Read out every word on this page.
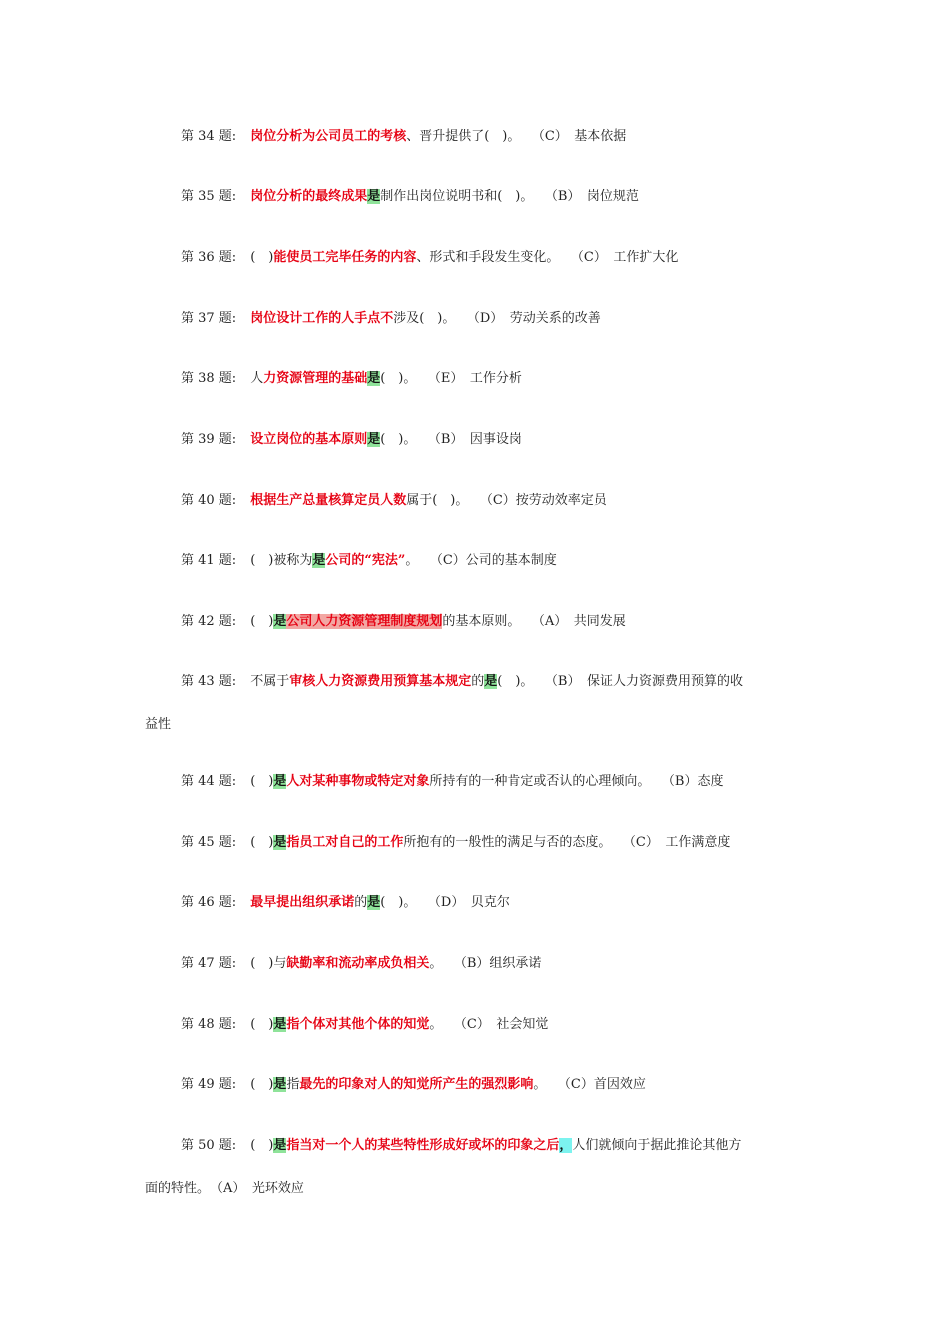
第 34 题: 岗位分析为公司员工的考核、晋升提供了(　)。 （C）　基本依据
第 35 题: 岗位分析的最终成果是制作出岗位说明书和(　)。 （B）　岗位规范
第 36 题: (　)能使员工完毕任务的内容、形式和手段发生变化。 （C）　工作扩大化
第 37 题: 岗位设计工作的人手点不涉及(　)。 （D）　劳动关系的改善
第 38 题: 人力资源管理的基础是(　)。 （E）　工作分析
第 39 题: 设立岗位的基本原则是(　)。 （B）　因事设岗
第 40 题: 根据生产总量核算定员人数属于(　)。 （C）按劳动效率定员
第 41 题: (　)被称为是公司的“宪法”。 （C）公司的基本制度
第 42 题: (　)是公司人力资源管理制度规划的基本原则。 （A）　共同发展
第 43 题: 不属于审核人力资源费用预算基本规定的是(　)。 （B）　保证人力资源费用预算的收
益性
第 44 题: (　)是人对某种事物或特定对象所持有的一种肯定或否认的心理倾向。 （B）态度
第 45 题: (　)是指员工对自己的工作所抱有的一般性的满足与否的态度。 （C）　工作满意度
第 46 题: 最早提出组织承诺的是(　)。 （D）　贝克尔
第 47 题: (　)与缺勤率和流动率成负相关。 （B）组织承诺
第 48 题: (　)是指个体对其他个体的知觉。 （C）　社会知觉
第 49 题: (　)是指最先的印象对人的知觉所产生的强烈影响。 （C）首因效应
第 50 题: (　)是指当对一个人的某些特性形成好或坏的印象之后，人们就倾向于据此推论其他方
面的特性。　（A）　光环效应
